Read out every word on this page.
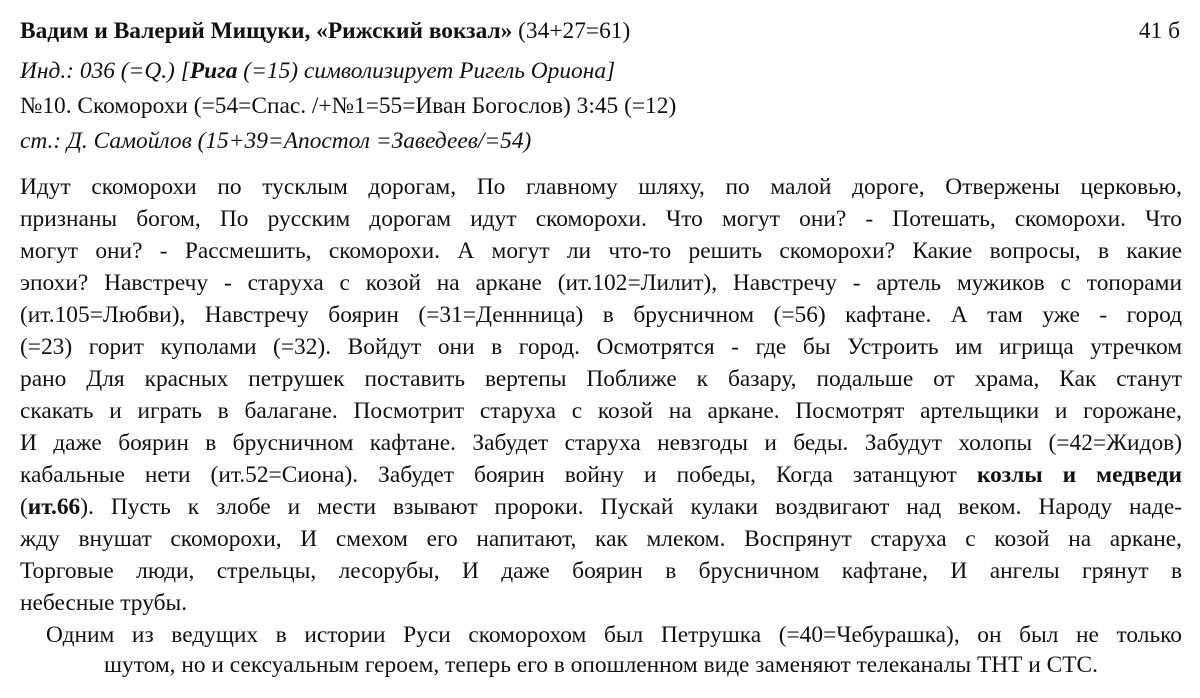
Вадим и Валерий Мищуки, «Рижский вокзал» (34+27=61)	41 б
Инд.: 036 (=Q.) [Рига (=15) символизирует Ригель Ориона]
№10. Скоморохи (=54=Спас. /+№1=55=Иван Богослов) 3:45 (=12)
ст.: Д. Самойлов (15+39=Апостол =Заведеев/=54)
Идут скоморохи по тусклым дорогам, По главному шляху, по малой дороге, Отвержены церковью,
признаны богом, По русским дорогам идут скоморохи. Что могут они? - Потешать, скоморохи. Что
могут они? - Рассмешить, скоморохи. А могут ли что-то решить скоморохи? Какие вопросы, в какие
эпохи? Навстречу - старуха с козой на аркане (ит.102=Лилит), Навстречу - артель мужиков с топорами
(ит.105=Любви), Навстречу боярин (=31=Деннница) в брусничном (=56) кафтане. А там уже - город
(=23) горит куполами (=32). Войдут они в город. Осмотрятся - где бы Устроить им игрища утречком
рано Для красных петрушек поставить вертепы Поближе к базару, подальше от храма, Как станут
скакать и играть в балагане. Посмотрит старуха с козой на аркане. Посмотрят артельщики и горожане,
И даже боярин в брусничном кафтане. Забудет старуха невзгоды и беды. Забудут холопы (=42=Жидов)
кабальные нети (ит.52=Сиона). Забудет боярин войну и победы, Когда затанцуют козлы и медведи
(ит.66). Пусть к злобе и мести взывают пророки. Пускай кулаки воздвигают над веком. Народу наде-
жду внушат скоморохи, И смехом его напитают, как млеком. Воспрянут старуха с козой на аркане,
Торговые люди, стрельцы, лесорубы, И даже боярин в брусничном кафтане, И ангелы грянут в
небесные трубы.
Одним из ведущих в истории Руси скоморохом был Петрушка (=40=Чебурашка), он был не только
шутом, но и сексуальным героем, теперь его в опошленном виде заменяют телеканалы ТНТ и СТС.
